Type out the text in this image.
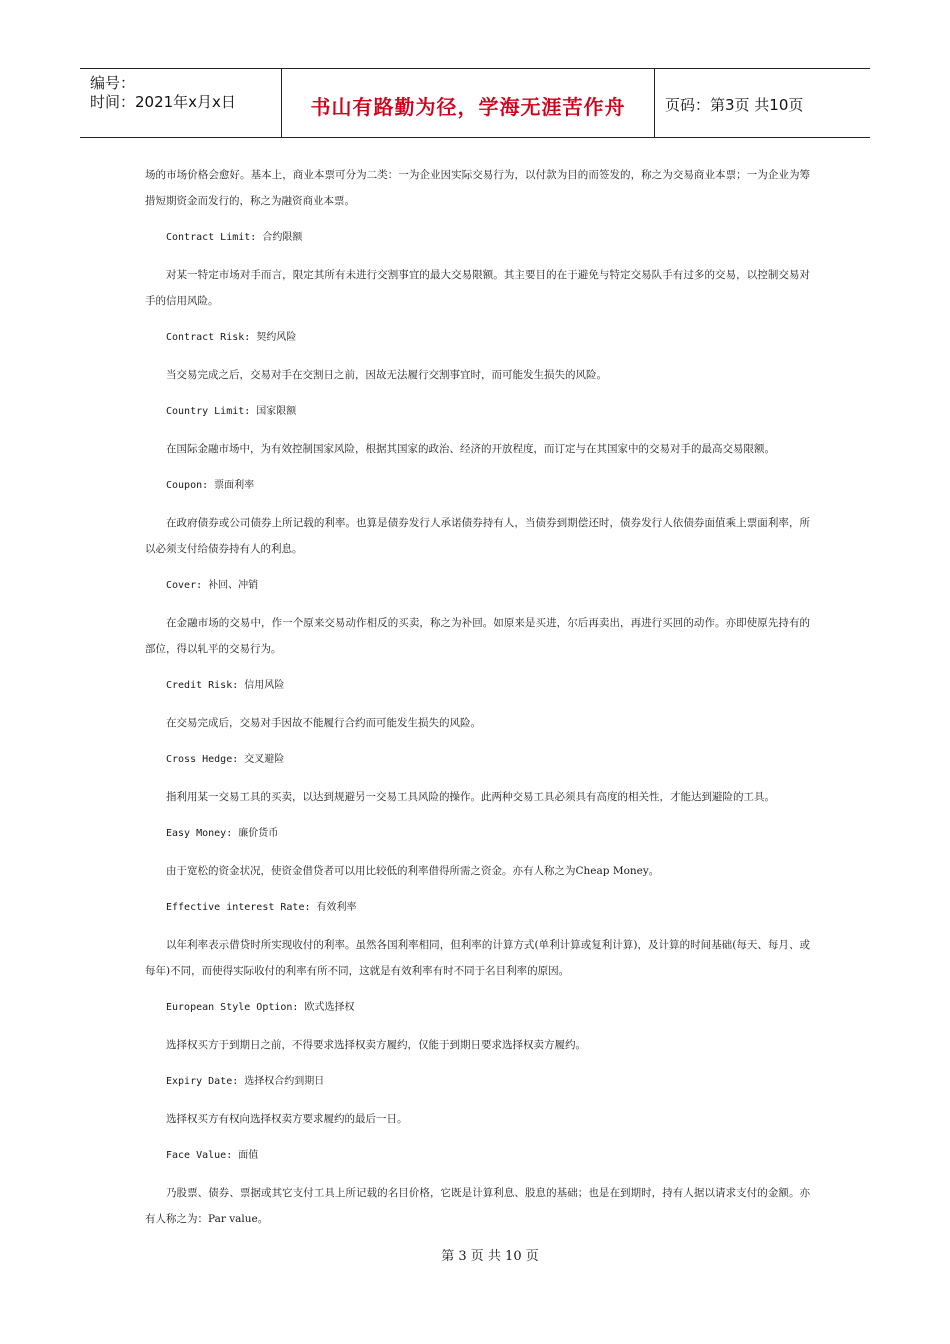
编号：
时间：2021年x月x日	书山有路勤为径，学海无涯苦作舟	页码：第3页 共10页

场的市场价格会愈好。基本上，商业本票可分为二类：一为企业因实际交易行为，以付款为目的而签发的，称之为交易商业本票；一为企业为筹措短期资金而发行的，称之为融资商业本票。

Contract Limit: 合约限额

对某一特定市场对手而言，限定其所有未进行交割事宜的最大交易限额。其主要目的在于避免与特定交易队手有过多的交易，以控制交易对手的信用风险。

Contract Risk: 契约风险

当交易完成之后，交易对手在交割日之前，因故无法履行交割事宜时，而可能发生损失的风险。

Country Limit: 国家限额

在国际金融市场中，为有效控制国家风险，根据其国家的政治、经济的开放程度，而订定与在其国家中的交易对手的最高交易限额。

Coupon: 票面利率

在政府债券或公司债券上所记载的利率。也算是债券发行人承诺债券持有人，当债券到期偿还时，债券发行人依债券面值乘上票面利率，所以必须支付给债券持有人的利息。

Cover: 补回、冲销

在金融市场的交易中，作一个原来交易动作相反的买卖，称之为补回。如原来是买进，尔后再卖出，再进行买回的动作。亦即使原先持有的部位，得以轧平的交易行为。

Credit Risk: 信用风险

在交易完成后，交易对手因故不能履行合约而可能发生损失的风险。

Cross Hedge: 交叉避险

指利用某一交易工具的买卖，以达到规避另一交易工具风险的操作。此两种交易工具必须具有高度的相关性，才能达到避险的工具。

Easy Money: 廉价货币

由于宽松的资金状况，使资金借贷者可以用比较低的利率借得所需之资金。亦有人称之为Cheap Money。

Effective interest Rate: 有效利率

以年利率表示借贷时所实现收付的利率。虽然各国利率相同，但利率的计算方式(单利计算或复利计算)，及计算的时间基础(每天、每月、或每年)不同，而使得实际收付的利率有所不同，这就是有效利率有时不同于名目利率的原因。

European Style Option: 欧式选择权

选择权买方于到期日之前，不得要求选择权卖方履约，仅能于到期日要求选择权卖方履约。

Expiry Date: 选择权合约到期日

选择权买方有权向选择权卖方要求履约的最后一日。

Face Value: 面值

乃股票、债券、票据或其它支付工具上所记载的名目价格，它既是计算利息、股息的基础；也是在到期时，持有人据以请求支付的金额。亦有人称之为：Par value。

第 3 页 共 10 页
